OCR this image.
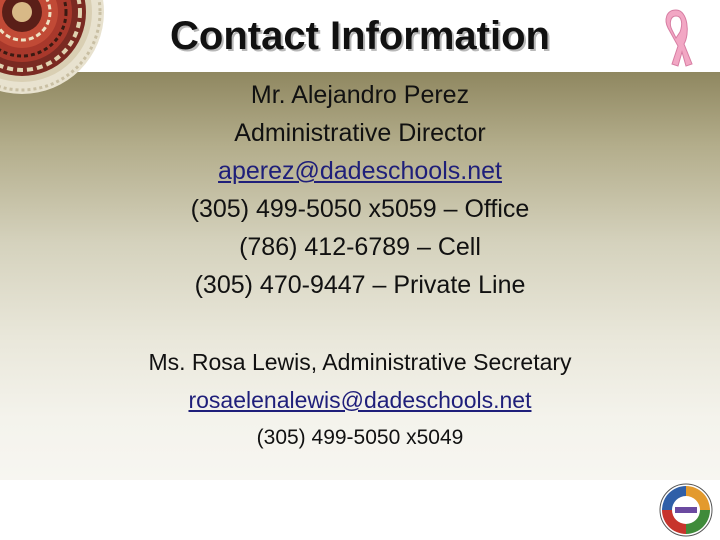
Contact Information
Mr. Alejandro Perez
Administrative Director
aperez@dadeschools.net
(305) 499-5050 x5059 – Office
(786) 412-6789 – Cell
(305) 470-9447 – Private Line
Ms. Rosa Lewis, Administrative Secretary
rosaelenalewis@dadeschools.net
(305) 499-5050 x5049
